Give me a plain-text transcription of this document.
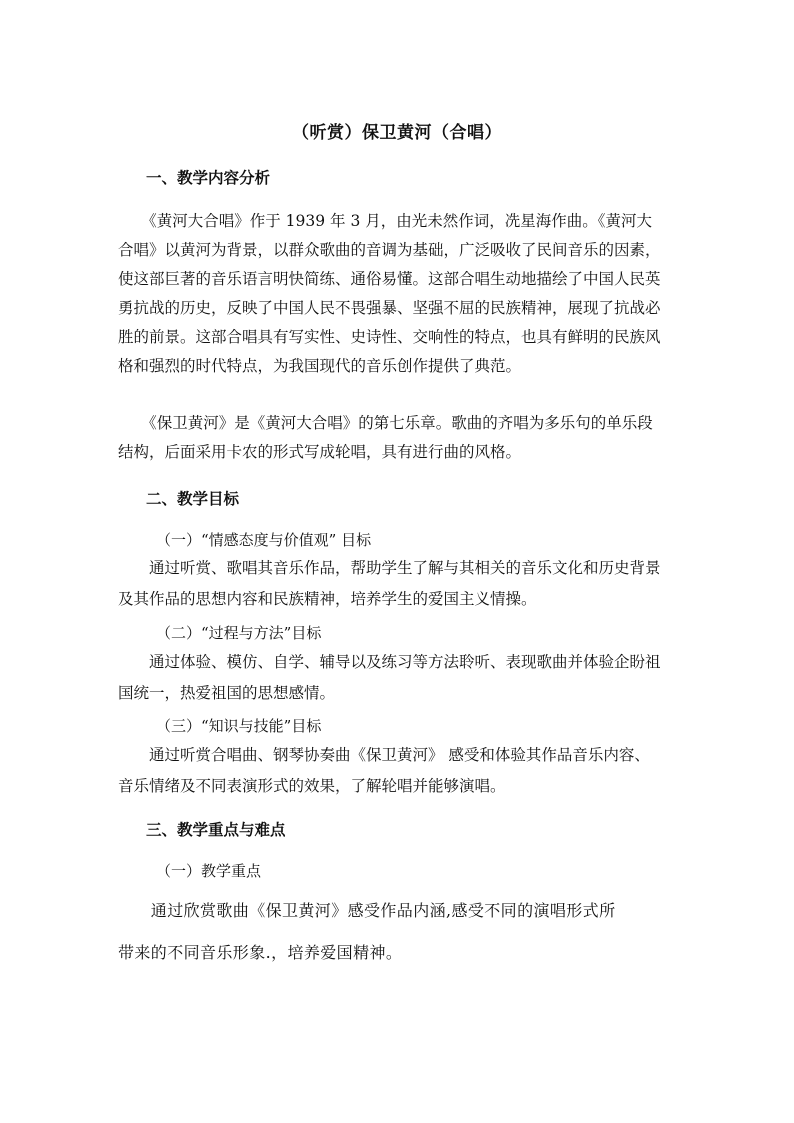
（听赏）保卫黄河（合唱）
一、教学内容分析
　　《黄河大合唱》作于 1939 年 3 月，由光未然作词，冼星海作曲。《黄河大
合唱》以黄河为背景，以群众歌曲的音调为基础，广泛吸收了民间音乐的因素，
使这部巨著的音乐语言明快简练、通俗易懂。这部合唱生动地描绘了中国人民英
勇抗战的历史，反映了中国人民不畏强暴、坚强不屈的民族精神，展现了抗战必
胜的前景。这部合唱具有写实性、史诗性、交响性的特点，也具有鲜明的民族风
格和强烈的时代特点，为我国现代的音乐创作提供了典范。
　　《保卫黄河》是《黄河大合唱》的第七乐章。歌曲的齐唱为多乐句的单乐段
结构，后面采用卡农的形式写成轮唱，具有进行曲的风格。
二、教学目标
（一）“情感态度与价值观” 目标
　　通过听赏、歌唱其音乐作品，帮助学生了解与其相关的音乐文化和历史背景
及其作品的思想内容和民族精神，培养学生的爱国主义情操。
（二）“过程与方法”目标
　　通过体验、模仿、自学、辅导以及练习等方法聆听、表现歌曲并体验企盼祖
国统一，热爱祖国的思想感情。
（三）“知识与技能”目标
　　通过听赏合唱曲、钢琴协奏曲《保卫黄河》 感受和体验其作品音乐内容、
音乐情绪及不同表演形式的效果，了解轮唱并能够演唱。
三、教学重点与难点
（一）教学重点
　　通过欣赏歌曲《保卫黄河》感受作品内涵,感受不同的演唱形式所
带来的不同音乐形象.，培养爱国精神。
